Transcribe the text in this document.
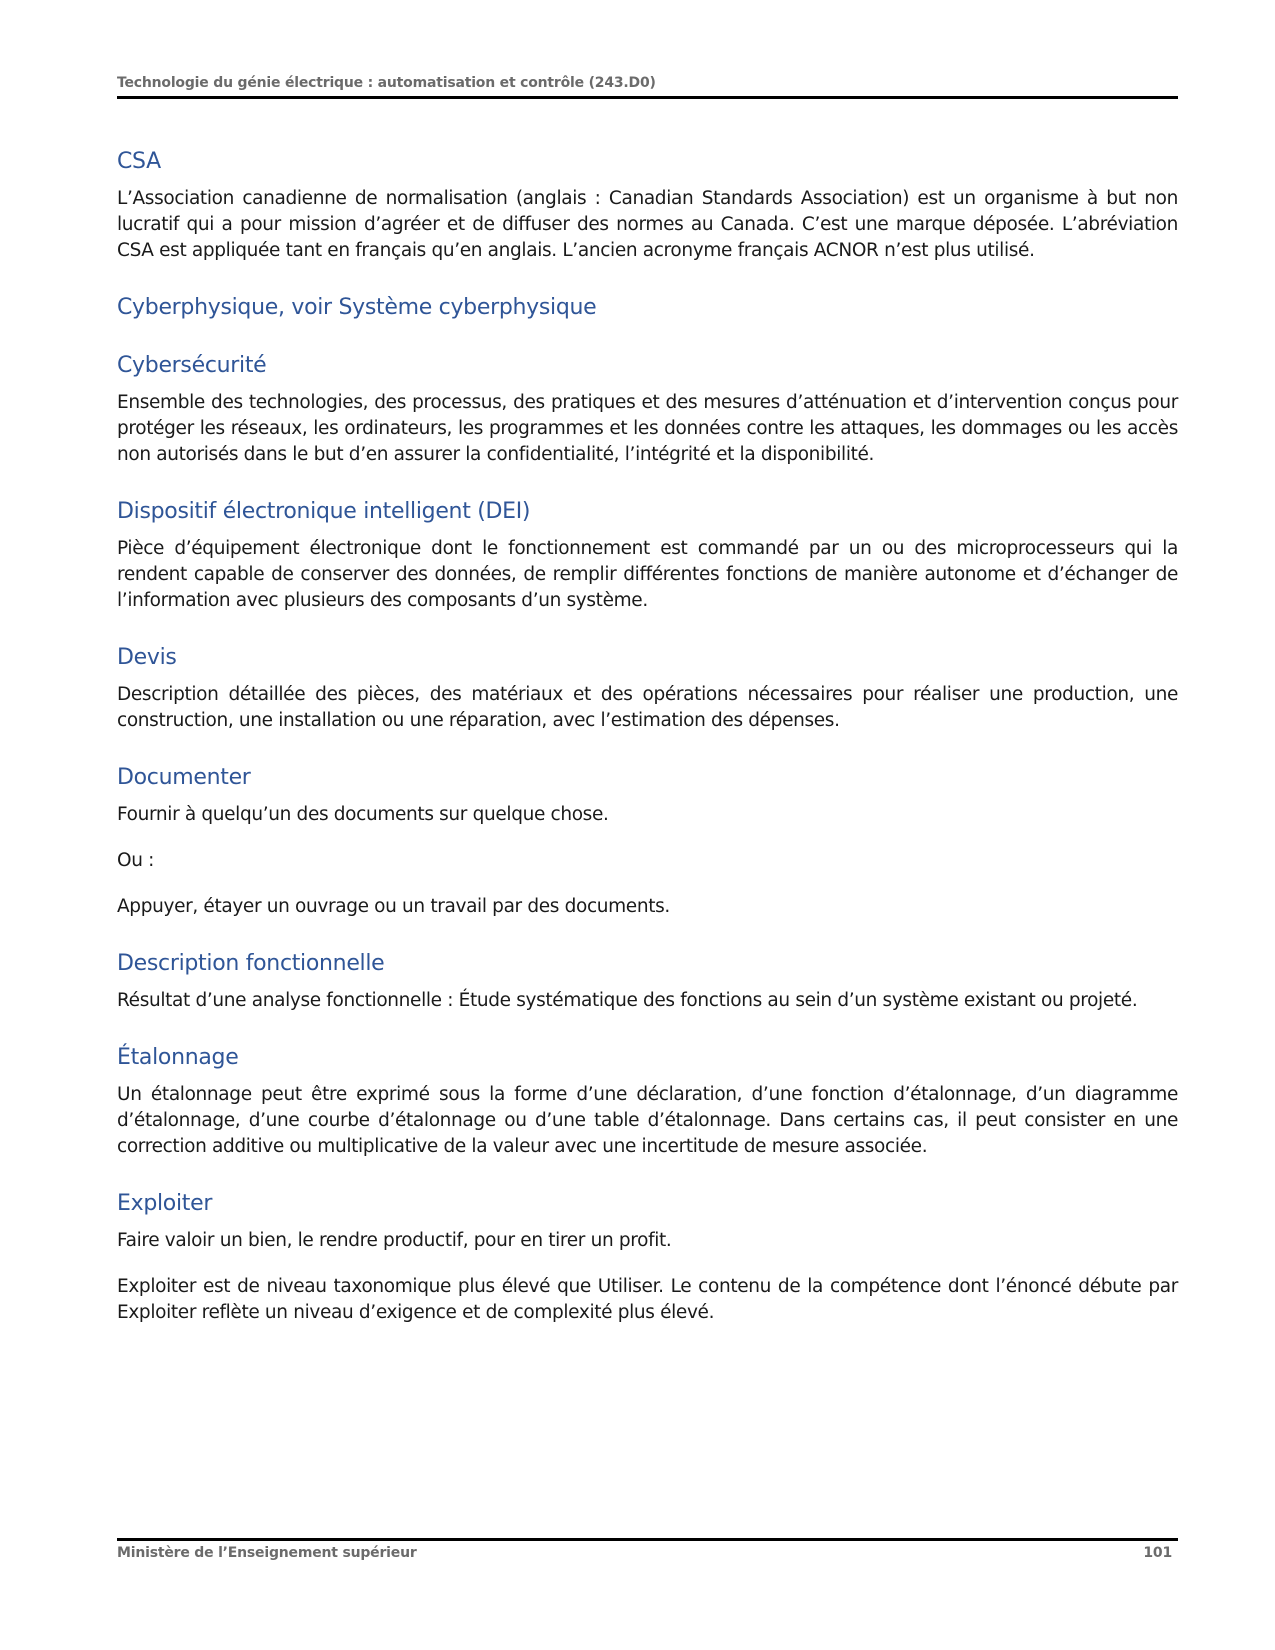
Technologie du génie électrique : automatisation et contrôle (243.D0)
CSA

L’Association canadienne de normalisation (anglais : Canadian Standards Association) est un organisme à but non lucratif qui a pour mission d’agréer et de diffuser des normes au Canada. C’est une marque déposée. L’abréviation CSA est appliquée tant en français qu’en anglais. L’ancien acronyme français ACNOR n’est plus utilisé.

Cyberphysique, voir Système cyberphysique
Cybersécurité

Ensemble des technologies, des processus, des pratiques et des mesures d’atténuation et d’intervention conçus pour protéger les réseaux, les ordinateurs, les programmes et les données contre les attaques, les dommages ou les accès non autorisés dans le but d’en assurer la confidentialité, l’intégrité et la disponibilité.

Dispositif électronique intelligent (DEI)

Pièce d’équipement électronique dont le fonctionnement est commandé par un ou des microprocesseurs qui la rendent capable de conserver des données, de remplir différentes fonctions de manière autonome et d’échanger de l’information avec plusieurs des composants d’un système.

Devis

Description détaillée des pièces, des matériaux et des opérations nécessaires pour réaliser une production, une construction, une installation ou une réparation, avec l’estimation des dépenses.

Documenter

Fournir à quelqu’un des documents sur quelque chose.

Ou :

Appuyer, étayer un ouvrage ou un travail par des documents.

Description fonctionnelle

Résultat d’une analyse fonctionnelle : Étude systématique des fonctions au sein d’un système existant ou projeté.

Étalonnage

Un étalonnage peut être exprimé sous la forme d’une déclaration, d’une fonction d’étalonnage, d’un diagramme d’étalonnage, d’une courbe d’étalonnage ou d’une table d’étalonnage. Dans certains cas, il peut consister en une correction additive ou multiplicative de la valeur avec une incertitude de mesure associée.

Exploiter

Faire valoir un bien, le rendre productif, pour en tirer un profit.

Exploiter est de niveau taxonomique plus élevé que Utiliser. Le contenu de la compétence dont l’énoncé débute par Exploiter reflète un niveau d’exigence et de complexité plus élevé.

Ministère de l’Enseignement supérieur	101
